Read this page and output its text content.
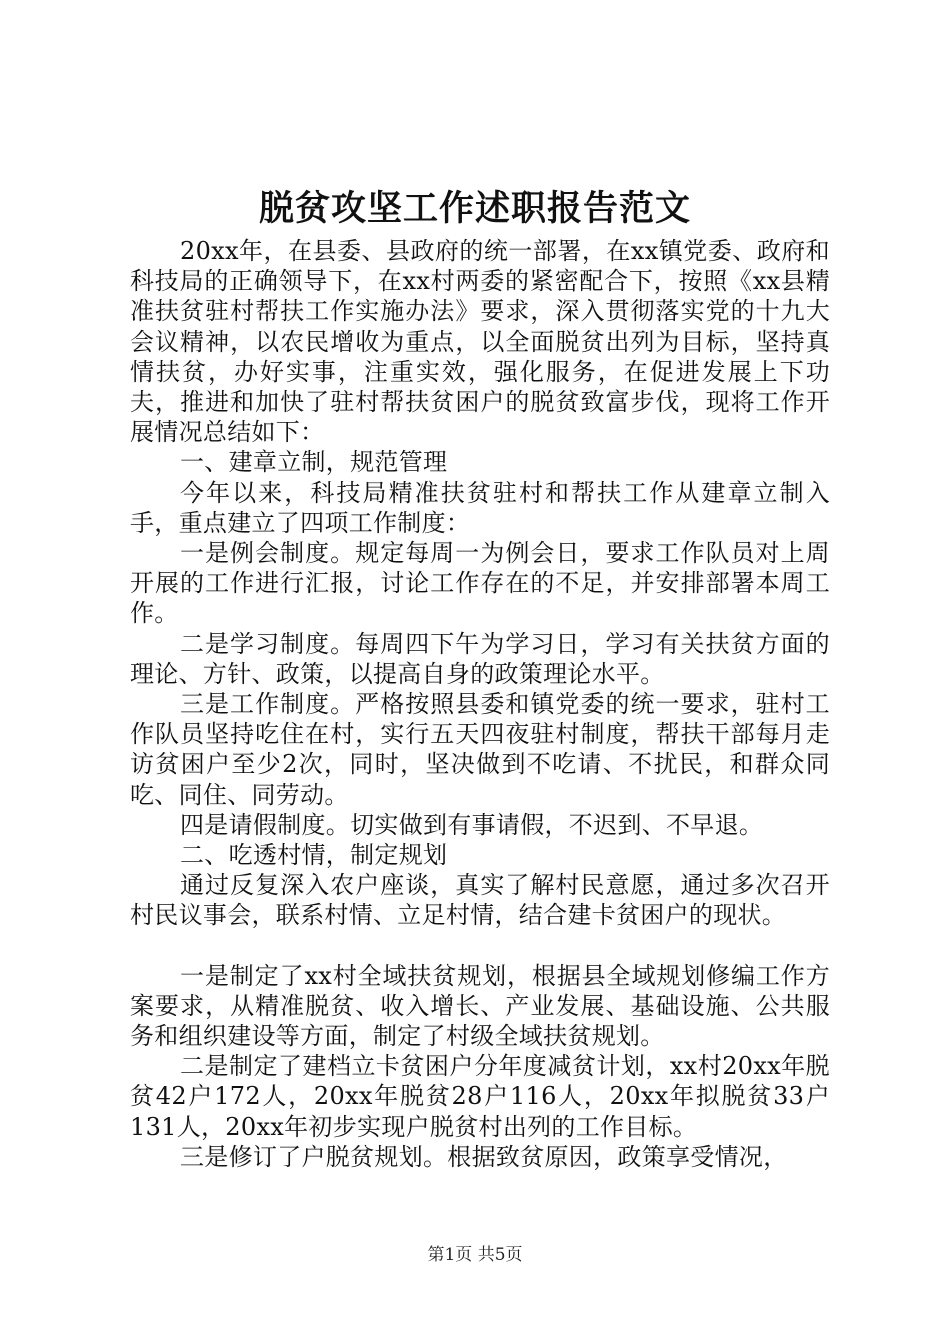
脱贫攻坚工作述职报告范文

20xx年，在县委、县政府的统一部署，在xx镇党委、政府和科技局的正确领导下，在xx村两委的紧密配合下，按照《xx县精准扶贫驻村帮扶工作实施办法》要求，深入贯彻落实党的十九大会议精神，以农民增收为重点，以全面脱贫出列为目标，坚持真情扶贫，办好实事，注重实效，强化服务，在促进发展上下功夫，推进和加快了驻村帮扶贫困户的脱贫致富步伐，现将工作开展情况总结如下：

一、建章立制，规范管理

今年以来，科技局精准扶贫驻村和帮扶工作从建章立制入手，重点建立了四项工作制度：

一是例会制度。规定每周一为例会日，要求工作队员对上周开展的工作进行汇报，讨论工作存在的不足，并安排部署本周工作。

二是学习制度。每周四下午为学习日，学习有关扶贫方面的理论、方针、政策，以提高自身的政策理论水平。

三是工作制度。严格按照县委和镇党委的统一要求，驻村工作队员坚持吃住在村，实行五天四夜驻村制度，帮扶干部每月走访贫困户至少2次，同时，坚决做到不吃请、不扰民，和群众同吃、同住、同劳动。

四是请假制度。切实做到有事请假，不迟到、不早退。

二、吃透村情，制定规划

通过反复深入农户座谈，真实了解村民意愿，通过多次召开村民议事会，联系村情、立足村情，结合建卡贫困户的现状。

一是制定了xx村全域扶贫规划，根据县全域规划修编工作方案要求，从精准脱贫、收入增长、产业发展、基础设施、公共服务和组织建设等方面，制定了村级全域扶贫规划。

二是制定了建档立卡贫困户分年度减贫计划，xx村20xx年脱贫42户172人，20xx年脱贫28户116人，20xx年拟脱贫33户131人，20xx年初步实现户脱贫村出列的工作目标。

三是修订了户脱贫规划。根据致贫原因，政策享受情况，

第1页 共5页
